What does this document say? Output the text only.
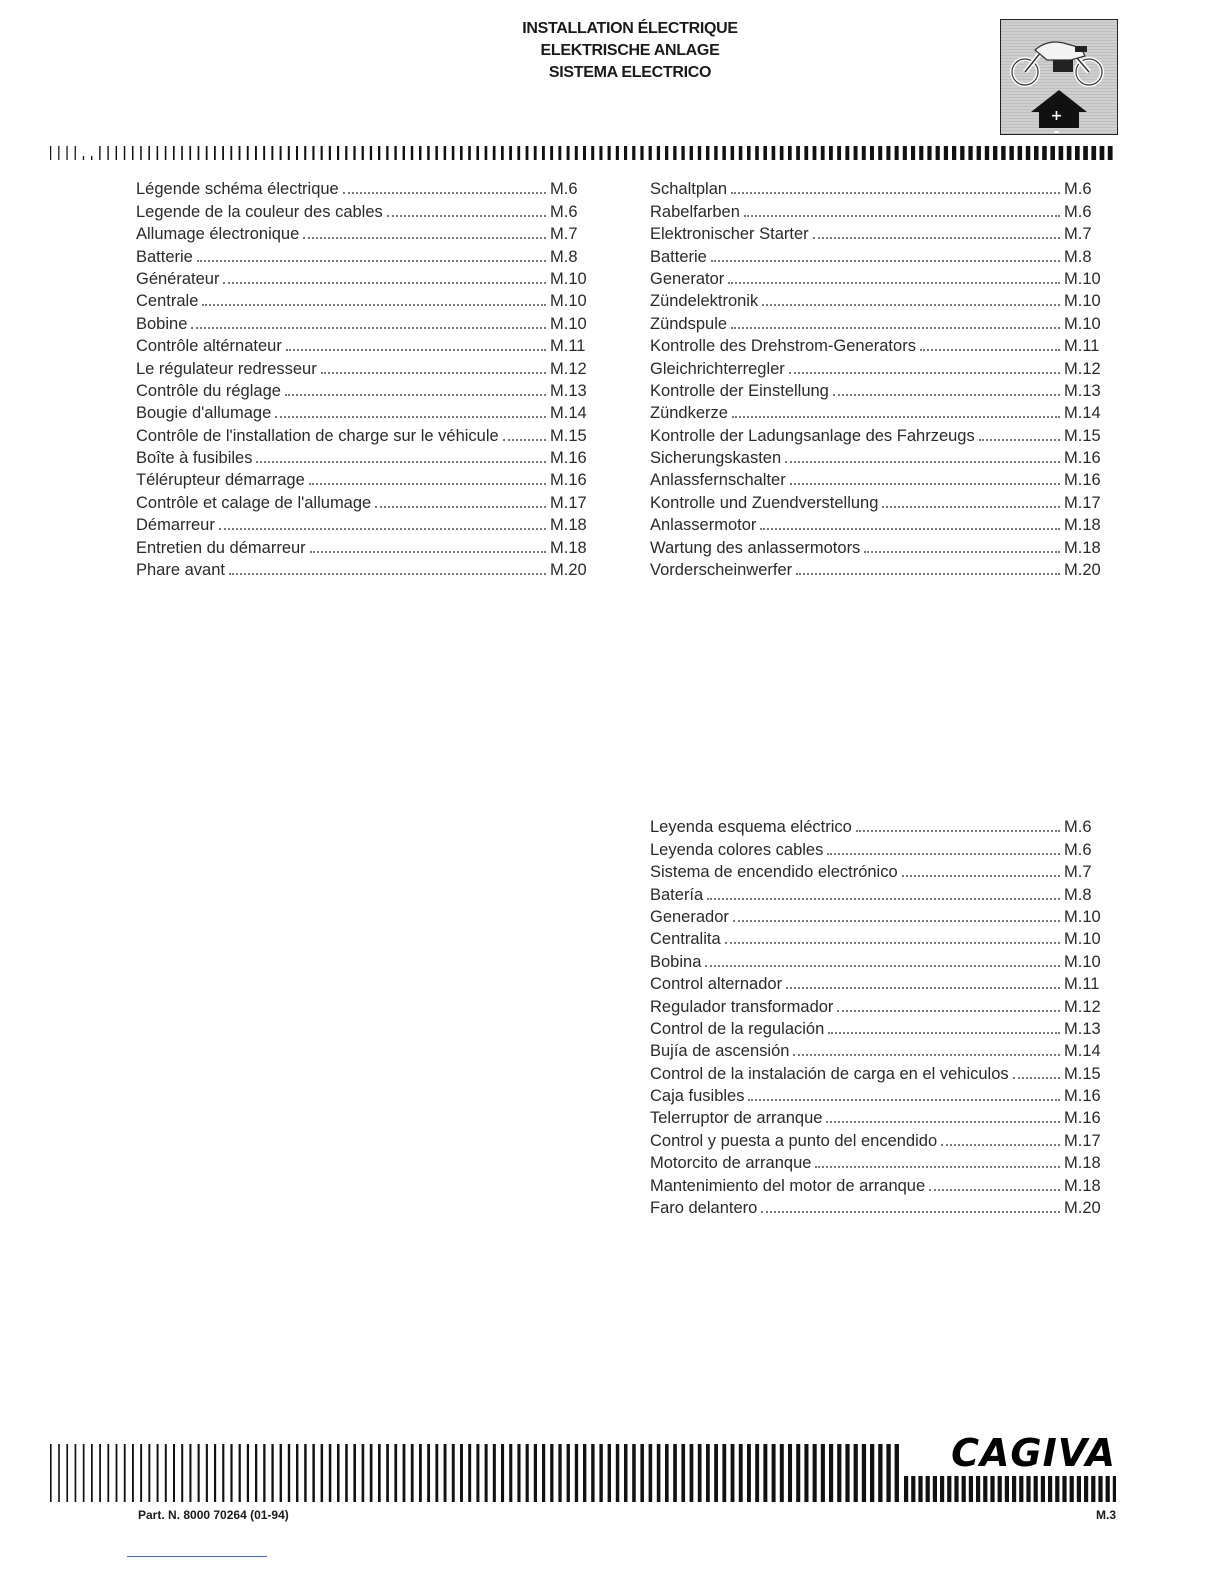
INSTALLATION ÉLECTRIQUE
ELEKTRISCHE ANLAGE
SISTEMA ELECTRICO
+ -
Légende schéma électrique	M.6
Legende de la couleur des cables	M.6
Allumage électronique	M.7
Batterie	M.8
Générateur	M.10
Centrale	M.10
Bobine	M.10
Contrôle altérnateur	M.11
Le régulateur redresseur	M.12
Contrôle du réglage	M.13
Bougie d'allumage	M.14
Contrôle de l'installation de charge sur le véhicule	M.15
Boîte à fusibiles	M.16
Télérupteur démarrage	M.16
Contrôle et calage de l'allumage	M.17
Démarreur	M.18
Entretien du démarreur	M.18
Phare avant	M.20
Schaltplan	M.6
Rabelfarben	M.6
Elektronischer Starter	M.7
Batterie	M.8
Generator	M.10
Zündelektronik	M.10
Zündspule	M.10
Kontrolle des Drehstrom-Generators	M.11
Gleichrichterregler	M.12
Kontrolle der Einstellung	M.13
Zündkerze	M.14
Kontrolle der Ladungsanlage des Fahrzeugs	M.15
Sicherungskasten	M.16
Anlassfernschalter	M.16
Kontrolle und Zuendverstellung	M.17
Anlassermotor	M.18
Wartung des anlassermotors	M.18
Vorderscheinwerfer	M.20
Leyenda esquema eléctrico	M.6
Leyenda colores cables	M.6
Sistema de encendido electrónico	M.7
Batería	M.8
Generador	M.10
Centralita	M.10
Bobina	M.10
Control alternador	M.11
Regulador transformador	M.12
Control de la regulación	M.13
Bujía de ascensión	M.14
Control de la instalación de carga en el vehiculos	M.15
Caja fusibles	M.16
Telerruptor de arranque	M.16
Control y puesta a punto del encendido	M.17
Motorcito de arranque	M.18
Mantenimiento del motor de arranque	M.18
Faro delantero	M.20
CAGIVA
Part. N. 8000 70264 (01-94)	M.3
